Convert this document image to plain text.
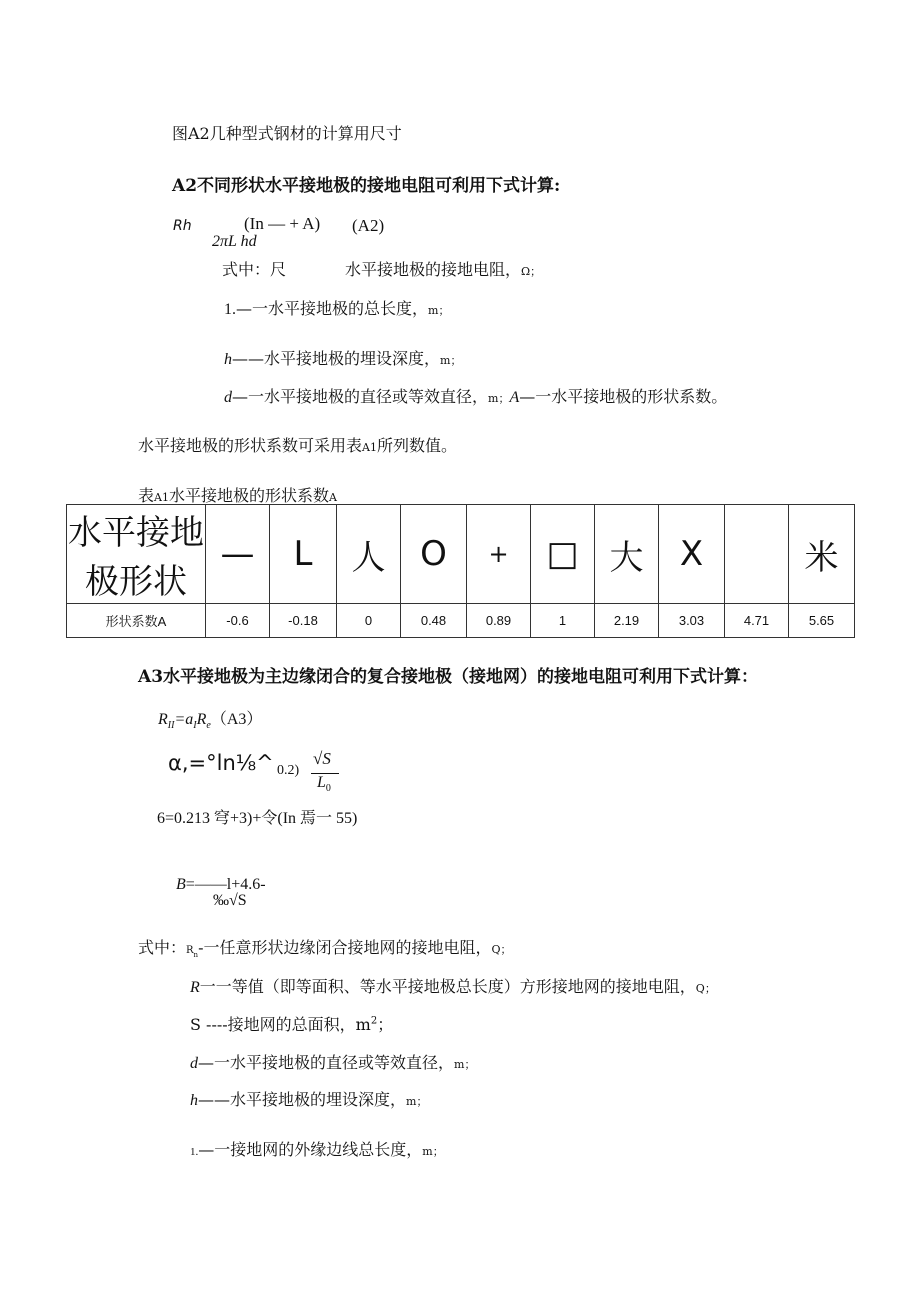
图A2几种型式钢材的计算用尺寸
A2不同形状水平接地极的接地电阻可利用下式计算:
Rh	(In — + A) (A2)
2πL hd
式中：尺	水平接地极的接地电阻，Ω；
1.—一水平接地极的总长度，m；
h——水平接地极的埋设深度，m；
d—一水平接地极的直径或等效直径，m；A—一水平接地极的形状系数。
水平接地极的形状系数可采用表A1所列数值。
表A1水平接地极的形状系数A
水平接地极形状	—	L	人	O	+	□	大	X		米
形状系数A	-0.6	-0.18	0	0.48	0.89	1	2.19	3.03	4.71	5.65
A3水平接地极为主边缘闭合的复合接地极（接地网）的接地电阻可利用下式计算：
$R_{II}=a_IR_e(A3)$
α,=°ln⅛^ 0.2)
√S
$L_0$
6=0.213 穹+3)+令(In 焉一 55)
B=——l+4.6-
‰√S
式中：$R_n-$一任意形状边缘闭合接地网的接地电阻，Q；
R一一等值（即等面积、等水平接地极总长度）方形接地网的接地电阻，Q；
S ----接地网的总面积，$m^2$；
d—一水平接地极的直径或等效直径，m；
h——水平接地极的埋设深度，m；
1.—一接地网的外缘边线总长度，m；
